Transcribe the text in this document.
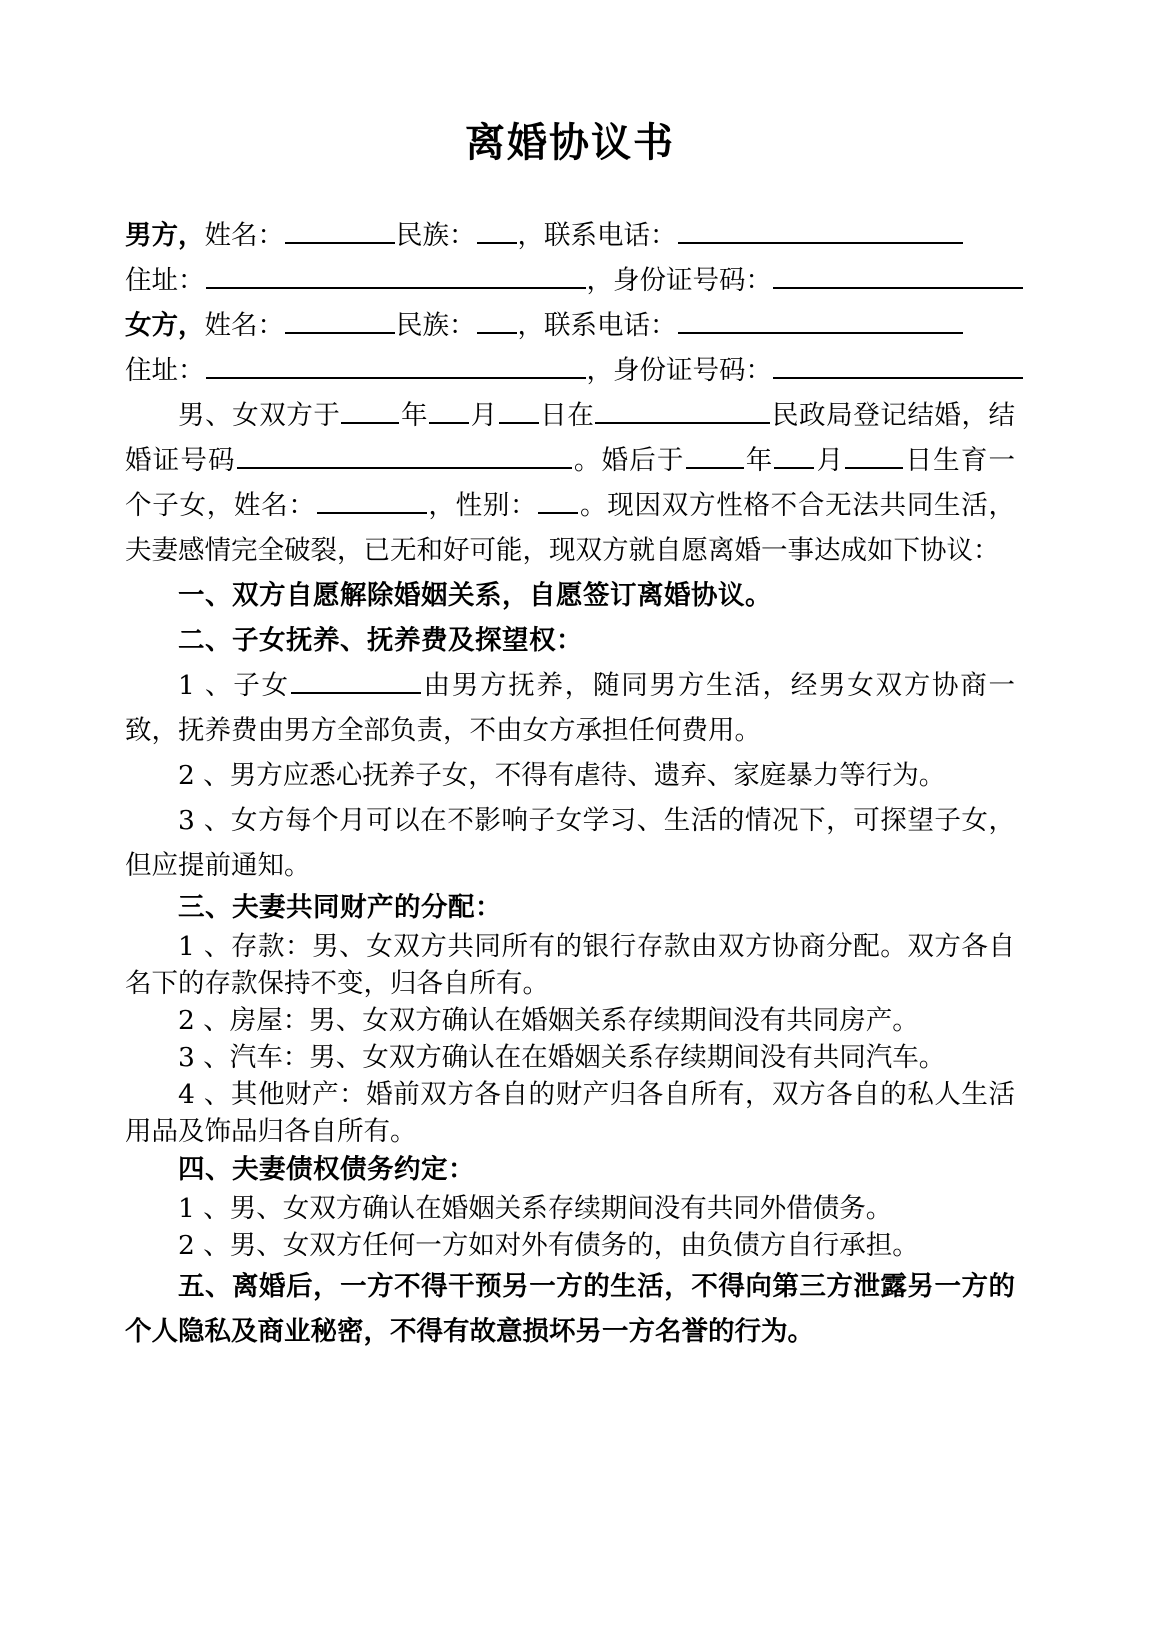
离婚协议书

男方，姓名：	民族： ，联系电话：

住址：	，身份证号码：

女方，姓名：	民族： ，联系电话：

住址：	，身份证号码：

男、女双方于 年 月 日在	民政局登记结婚，结婚证号码	。婚后于 年 月 日生育一个子女，姓名：	，性别： 。现因双方性格不合无法共同生活，夫妻感情完全破裂，已无和好可能，现双方就自愿离婚一事达成如下协议：

一、双方自愿解除婚姻关系，自愿签订离婚协议。

二、子女抚养、抚养费及探望权：

1 、子女	由男方抚养，随同男方生活，经男女双方协商一致，抚养费由男方全部负责，不由女方承担任何费用。

2 、男方应悉心抚养子女，不得有虐待、遗弃、家庭暴力等行为。

3 、女方每个月可以在不影响子女学习、生活的情况下，可探望子女，但应提前通知。

三、夫妻共同财产的分配：

1 、存款：男、女双方共同所有的银行存款由双方协商分配。双方各自名下的存款保持不变，归各自所有。

2 、房屋：男、女双方确认在婚姻关系存续期间没有共同房产。

3 、汽车：男、女双方确认在在婚姻关系存续期间没有共同汽车。

4 、其他财产：婚前双方各自的财产归各自所有，双方各自的私人生活用品及饰品归各自所有。

四、夫妻债权债务约定：

1 、男、女双方确认在婚姻关系存续期间没有共同外借债务。

2 、男、女双方任何一方如对外有债务的，由负债方自行承担。

五、离婚后，一方不得干预另一方的生活，不得向第三方泄露另一方的个人隐私及商业秘密，不得有故意损坏另一方名誉的行为。
